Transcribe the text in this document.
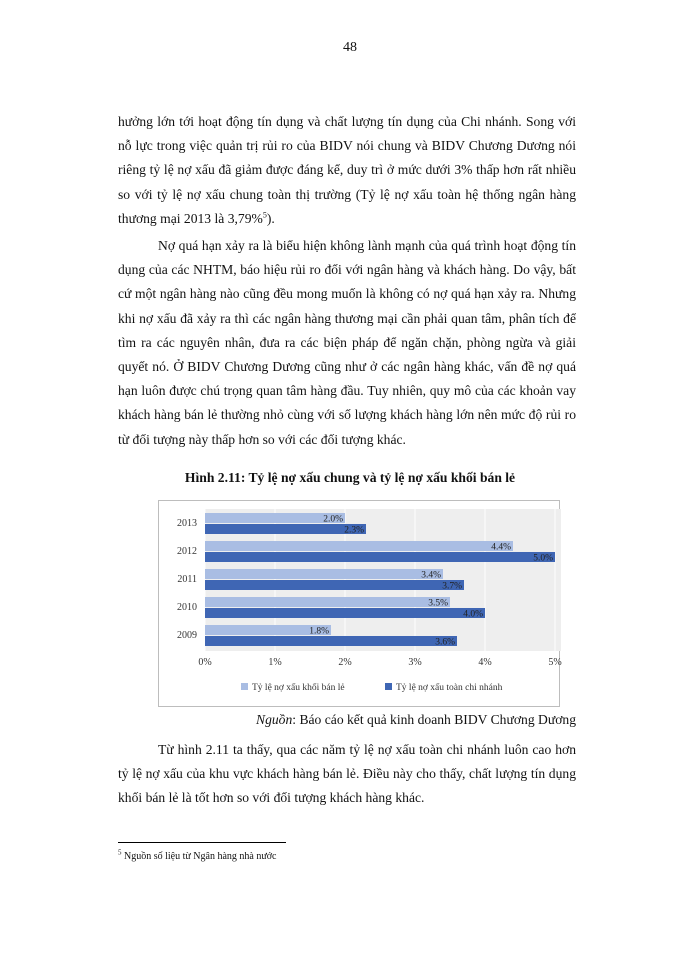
48

hưởng lớn tới hoạt động tín dụng và chất lượng tín dụng của Chi nhánh. Song với nỗ lực trong việc quản trị rủi ro của BIDV nói chung và BIDV Chương Dương nói riêng tỷ lệ nợ xấu đã giảm được đáng kể, duy trì ở mức dưới 3% thấp hơn rất nhiều so với tỷ lệ nợ xấu chung toàn thị trường (Tỷ lệ nợ xấu toàn hệ thống ngân hàng thương mại 2013 là 3,79%$^5$).

Nợ quá hạn xảy ra là biểu hiện không lành mạnh của quá trình hoạt động tín dụng của các NHTM, báo hiệu rủi ro đối với ngân hàng và khách hàng. Do vậy, bất cứ một ngân hàng nào cũng đều mong muốn là không có nợ quá hạn xảy ra. Nhưng khi nợ xấu đã xảy ra thì các ngân hàng thương mại cần phải quan tâm, phân tích để tìm ra các nguyên nhân, đưa ra các biện pháp để ngăn chặn, phòng ngừa và giải quyết nó. Ở BIDV Chương Dương cũng như ở các ngân hàng khác, vấn đề nợ quá hạn luôn được chú trọng quan tâm hàng đầu. Tuy nhiên, quy mô của các khoản vay khách hàng bán lẻ thường nhỏ cùng với số lượng khách hàng lớn nên mức độ rủi ro từ đối tượng này thấp hơn so với các đối tượng khác.

Hình 2.11: Tỷ lệ nợ xấu chung và tỷ lệ nợ xấu khối bán lẻ
2.0%
2.3%
4.4%
5.0%
3.4%
3.7%
3.5%
4.0%
1.8%
3.6%
2013
2012
2011
2010
2009
0%	1%	2%	3%	4%	5%
Tỷ lệ nợ xấu khối bán lẻ	Tỷ lệ nợ xấu toàn chi nhánh
Nguồn: Báo cáo kết quả kinh doanh BIDV Chương Dương

Từ hình 2.11 ta thấy, qua các năm tỷ lệ nợ xấu toàn chi nhánh luôn cao hơn tỷ lệ nợ xấu của khu vực khách hàng bán lẻ. Điều này cho thấy, chất lượng tín dụng khối bán lẻ là tốt hơn so với đối tượng khách hàng khác.

$^5$ Nguồn số liệu từ Ngân hàng nhà nước
